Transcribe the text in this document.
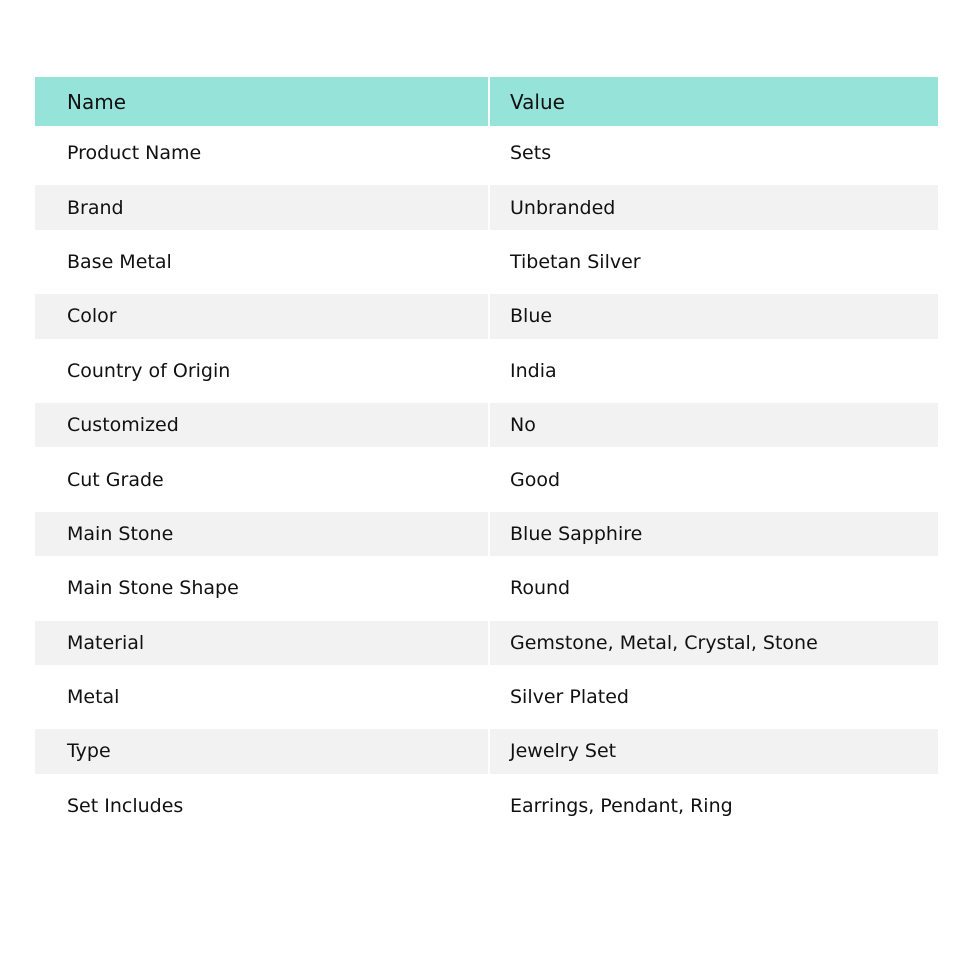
Name	Value
Product Name	Sets
Brand	Unbranded
Base Metal	Tibetan Silver
Color	Blue
Country of Origin	India
Customized	No
Cut Grade	Good
Main Stone	Blue Sapphire
Main Stone Shape	Round
Material	Gemstone, Metal, Crystal, Stone
Metal	Silver Plated
Type	Jewelry Set
Set Includes	Earrings, Pendant, Ring
